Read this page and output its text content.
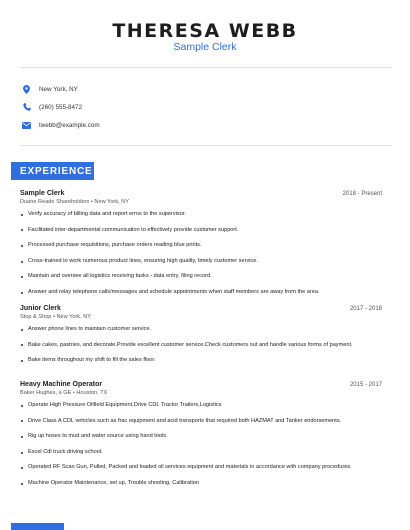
THERESA WEBB

Sample Clerk

New York, NY
(260) 555-8472
twebb@example.com
EXPERIENCE
Sample Clerk	2018 - Present
Duane Reade Shareholders • New York, NY
Verify accuracy of billing data and report erros to the supervisor.
Facilitated inter-departmental communication to effectively provide customer support.
Processed purchase requisitions, purchase orders reading blue prints.
Cross-trained to work numerous product lines, ensuring high quality, timely customer service.
Maintain and oversee all logistics receiving tasks - data entry, filing record.
Answer and relay telephone calls/messages and schedule appointments when staff members are away from the area.
Junior Clerk	2017 - 2018
Stop & Shop • New York, NY
Answer phone lines to maintain customer service.
Bake cakes, pastries, and decorate.Provide excellent customer service.Check customers out and handle various forms of payment.
Bake items throughout my shift to fill the sales floor.
Heavy Machine Operator	2015 - 2017
Baker Hughes, a GE • Houston, TX
Operate High Pressure Oilfield Equipment,Drive CDL Tractor Trailers,Logistics
Drive Class A CDL vehicles such as frac equipment and acid transports that required both HAZMAT and Tanker endorsements.
Rig up hoses to mud and water source using hand tools.
Excel Cdl truck driving school.
Operated RF Scan Gun, Pulled, Packed and loaded oil services equipment and materials in accordance with company procedures.
Machine Operator Maintenance, set up, Trouble shooting, Calibration
